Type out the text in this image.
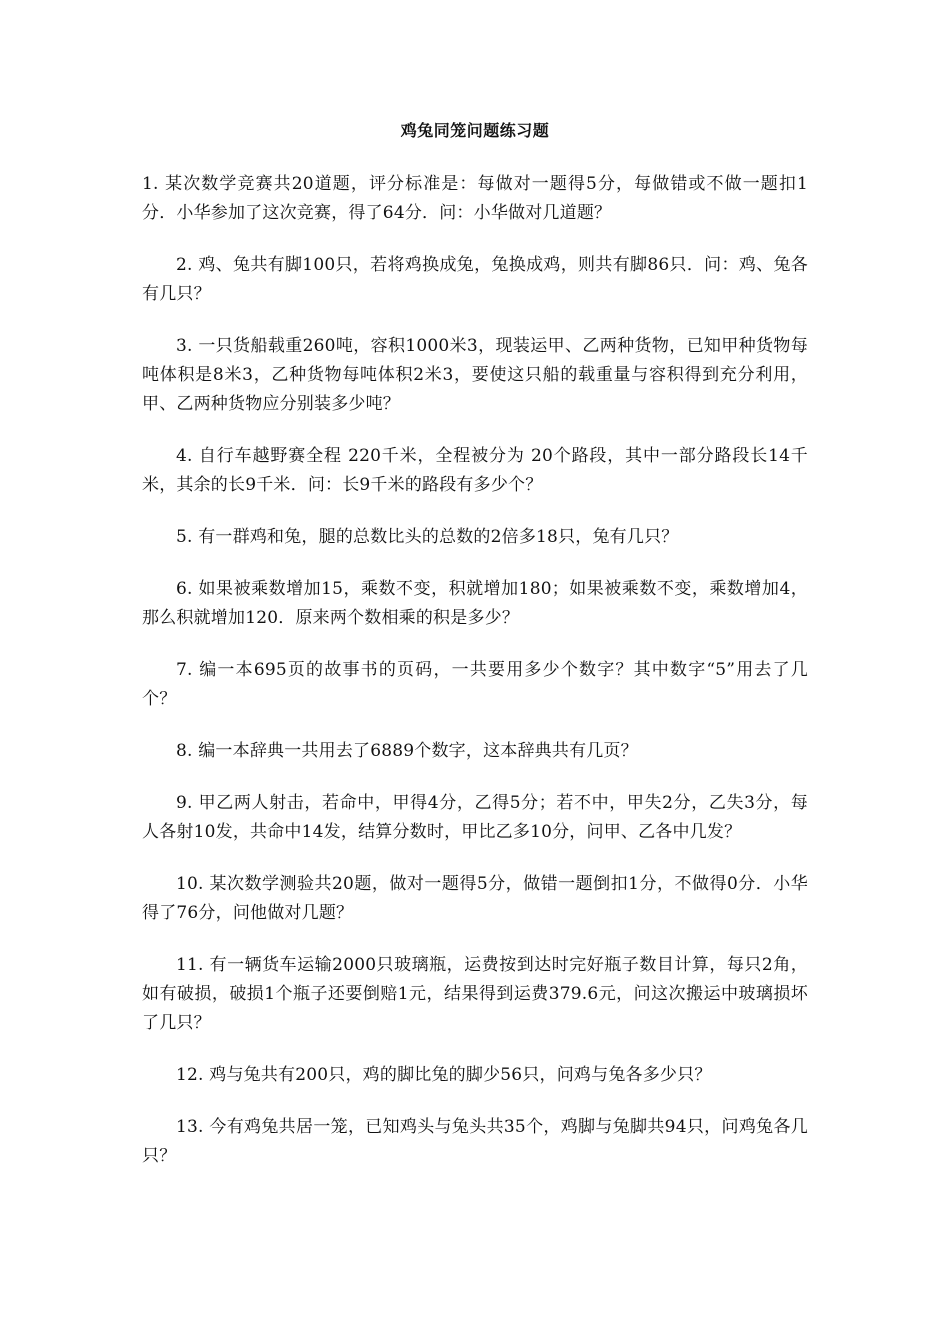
鸡兔同笼问题练习题

1. 某次数学竞赛共20道题，评分标准是：每做对一题得5分，每做错或不做一题扣1分．小华参加了这次竞赛，得了64分．问：小华做对几道题？

2. 鸡、兔共有脚100只，若将鸡换成兔，兔换成鸡，则共有脚86只．问：鸡、兔各有几只？

3. 一只货船载重260吨，容积1000米3，现装运甲、乙两种货物，已知甲种货物每吨体积是8米3，乙种货物每吨体积2米3，要使这只船的载重量与容积得到充分利用，甲、乙两种货物应分别装多少吨？

4. 自行车越野赛全程 220千米，全程被分为 20个路段，其中一部分路段长14千米，其余的长9千米．问：长9千米的路段有多少个？

5. 有一群鸡和兔，腿的总数比头的总数的2倍多18只，兔有几只？

6. 如果被乘数增加15，乘数不变，积就增加180；如果被乘数不变，乘数增加4，那么积就增加120．原来两个数相乘的积是多少？

7. 编一本695页的故事书的页码，一共要用多少个数字？其中数字“5”用去了几个？

8. 编一本辞典一共用去了6889个数字，这本辞典共有几页？

9. 甲乙两人射击，若命中，甲得4分，乙得5分；若不中，甲失2分，乙失3分，每人各射10发，共命中14发，结算分数时，甲比乙多10分，问甲、乙各中几发？

10. 某次数学测验共20题，做对一题得5分，做错一题倒扣1分，不做得0分．小华得了76分，问他做对几题？

11. 有一辆货车运输2000只玻璃瓶，运费按到达时完好瓶子数目计算，每只2角，如有破损，破损1个瓶子还要倒赔1元，结果得到运费379.6元，问这次搬运中玻璃损坏了几只？

12. 鸡与兔共有200只，鸡的脚比兔的脚少56只，问鸡与兔各多少只？

13. 今有鸡兔共居一笼，已知鸡头与兔头共35个，鸡脚与兔脚共94只，问鸡兔各几只？
